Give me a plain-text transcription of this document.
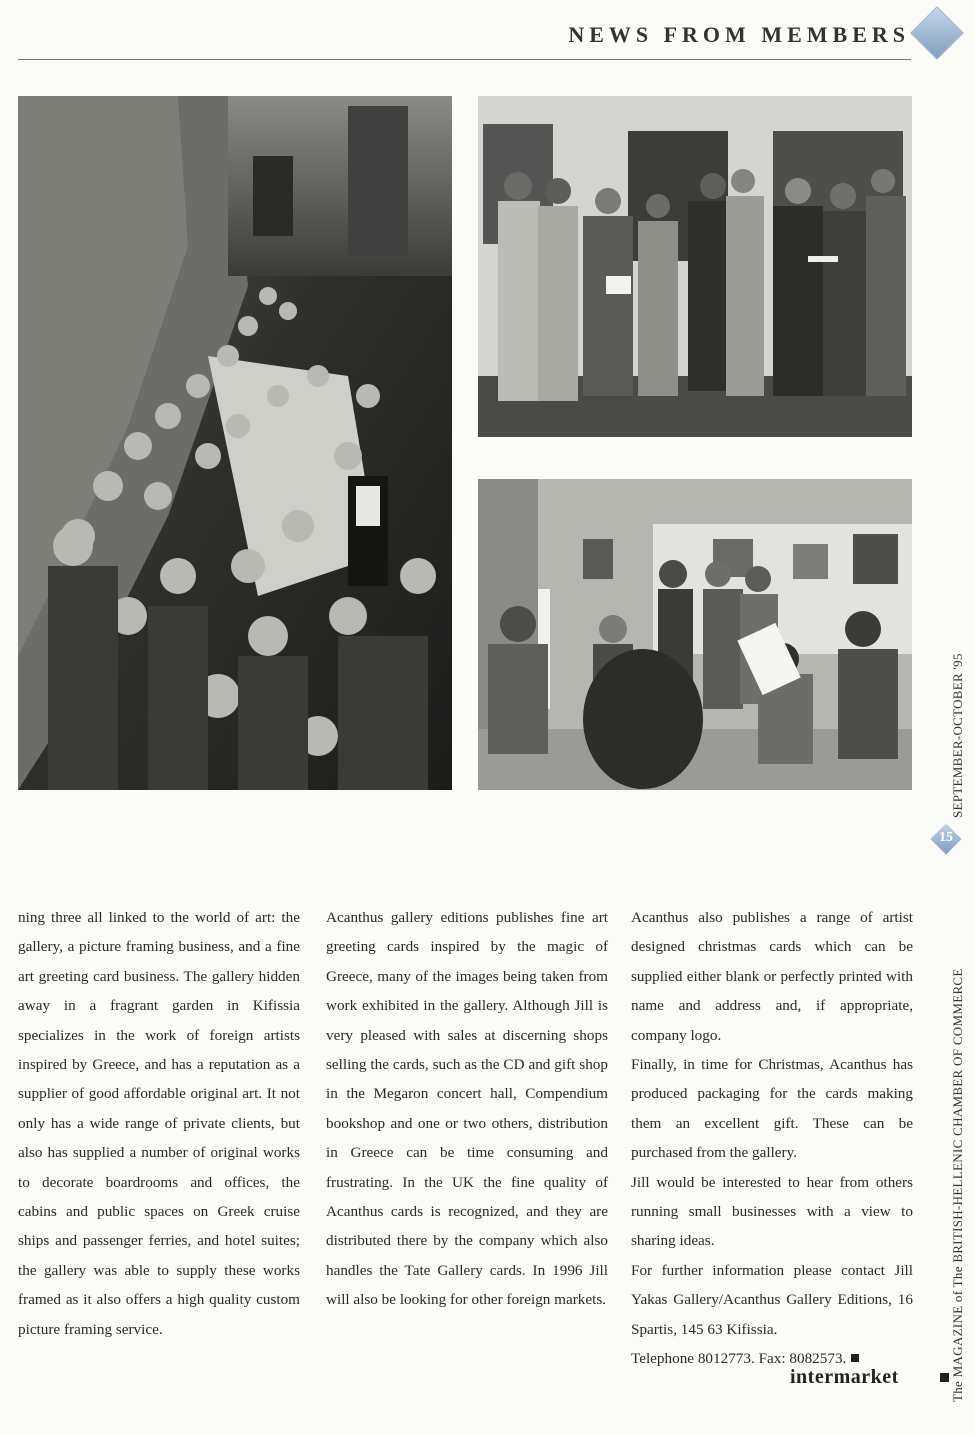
NEWS FROM MEMBERS
SEPTEMBER-OCTOBER '95
15
The MAGAZINE of The BRITISH-HELLENIC CHAMBER OF COMMERCE

ning three all linked to the world of art: the gallery, a picture framing business, and a fine art greeting card business. The gallery hidden away in a fragrant garden in Kifissia specializes in the work of foreign artists inspired by Greece, and has a reputation as a supplier of good affordable original art. It not only has a wide range of private clients, but also has supplied a number of original works to decorate boardrooms and offices, the cabins and public spaces on Greek cruise ships and passenger ferries, and hotel suites; the gallery was able to supply these works framed as it also offers a high quality custom picture framing service.

Acanthus gallery editions publishes fine art greeting cards inspired by the magic of Greece, many of the images being taken from work exhibited in the gallery. Although Jill is very pleased with sales at discerning shops selling the cards, such as the CD and gift shop in the Megaron concert hall, Compendium bookshop and one or two others, distribution in Greece can be time consuming and frustrating. In the UK the fine quality of Acanthus cards is recognized, and they are distributed there by the company which also handles the Tate Gallery cards. In 1996 Jill will also be looking for other foreign markets.

Acanthus also publishes a range of artist designed christmas cards which can be supplied either blank or perfectly printed with name and address and, if appropriate, company logo.

Finally, in time for Christmas, Acanthus has produced packaging for the cards making them an excellent gift. These can be purchased from the gallery.

Jill would be interested to hear from others running small businesses with a view to sharing ideas.

For further information please contact Jill Yakas Gallery/Acanthus Gallery Editions, 16 Spartis, 145 63 Kifissia.

Telephone 8012773. Fax: 8082573.

intermarket
